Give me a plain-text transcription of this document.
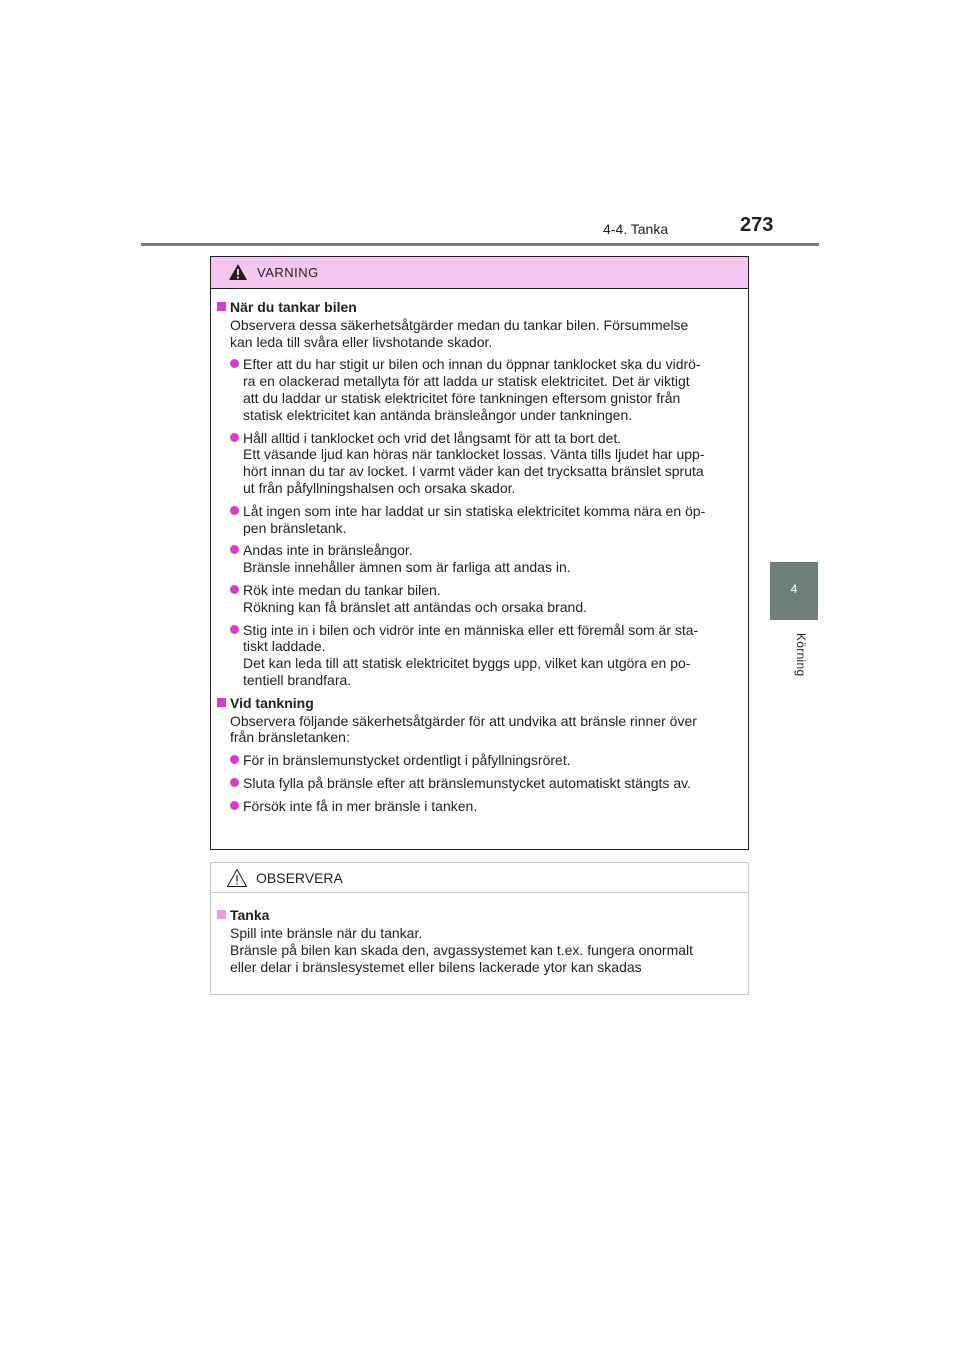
4-4. Tanka	273
4
Körning
VARNING
När du tankar bilen
Observera dessa säkerhetsåtgärder medan du tankar bilen. Försummelse
kan leda till svåra eller livshotande skador.
Efter att du har stigit ur bilen och innan du öppnar tanklocket ska du vidrö-
ra en olackerad metallyta för att ladda ur statisk elektricitet. Det är viktigt
att du laddar ur statisk elektricitet före tankningen eftersom gnistor från
statisk elektricitet kan antända bränsleångor under tankningen.
Håll alltid i tanklocket och vrid det långsamt för att ta bort det.
Ett väsande ljud kan höras när tanklocket lossas. Vänta tills ljudet har upp-
hört innan du tar av locket. I varmt väder kan det trycksatta bränslet spruta
ut från påfyllningshalsen och orsaka skador.
Låt ingen som inte har laddat ur sin statiska elektricitet komma nära en öp-
pen bränsletank.
Andas inte in bränsleångor.
Bränsle innehåller ämnen som är farliga att andas in.
Rök inte medan du tankar bilen.
Rökning kan få bränslet att antändas och orsaka brand.
Stig inte in i bilen och vidrör inte en människa eller ett föremål som är sta-
tiskt laddade.
Det kan leda till att statisk elektricitet byggs upp, vilket kan utgöra en po-
tentiell brandfara.
Vid tankning
Observera följande säkerhetsåtgärder för att undvika att bränsle rinner över
från bränsletanken:
För in bränslemunstycket ordentligt i påfyllningsröret.
Sluta fylla på bränsle efter att bränslemunstycket automatiskt stängts av.
Försök inte få in mer bränsle i tanken.
OBSERVERA
Tanka
Spill inte bränsle när du tankar.
Bränsle på bilen kan skada den, avgassystemet kan t.ex. fungera onormalt
eller delar i bränslesystemet eller bilens lackerade ytor kan skadas
